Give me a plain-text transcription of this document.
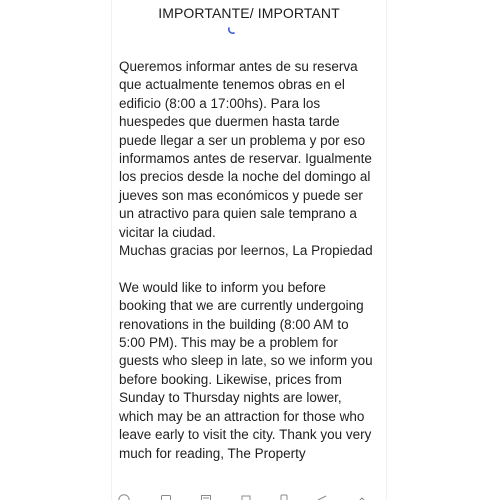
IMPORTANTE/ IMPORTANT

Queremos informar antes de su reserva
que actualmente tenemos obras en el
edificio (8:00 a 17:00hs). Para los
huespedes que duermen hasta tarde
puede llegar a ser un problema y por eso
informamos antes de reservar. Igualmente
los precios desde la noche del domingo al
jueves son mas económicos y puede ser
un atractivo para quien sale temprano a
vicitar la ciudad.
Muchas gracias por leernos, La Propiedad

We would like to inform you before
booking that we are currently undergoing
renovations in the building (8:00 AM to
5:00 PM). This may be a problem for
guests who sleep in late, so we inform you
before booking. Likewise, prices from
Sunday to Thursday nights are lower,
which may be an attraction for those who
leave early to visit the city. Thank you very
much for reading, The Property
